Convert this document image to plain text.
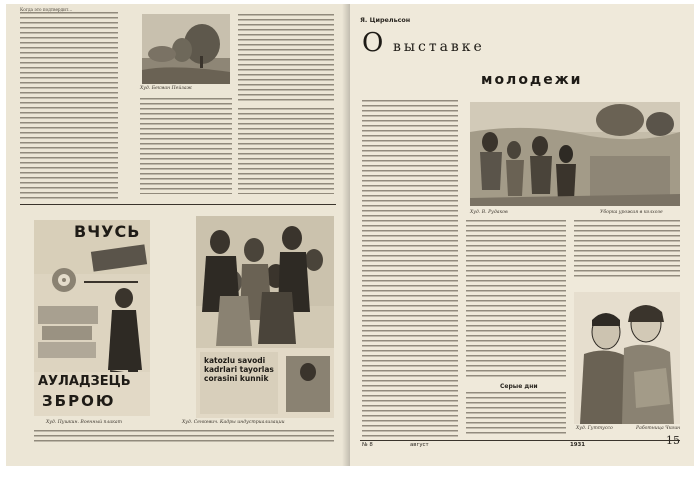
Когда это подтвердит...
Худ. Бекман Пейзаж
ВЧУСЬ
АУЛАДЗЕЦЬ
ЗБРОЮ
katozlu savodi kadrlari tayorlas corasini kunnik
Худ. Пушкин. Военный плакат	Худ. Сенкевич. Кадры индустриализации
Я. Цирельсон
О выставке
молодежи
Худ. В. Рудаков	Уборка урожая в колхозе
Серые дни
Худ. Гуттуссо	Работница Чкоин
№ 8	август	1931	15
